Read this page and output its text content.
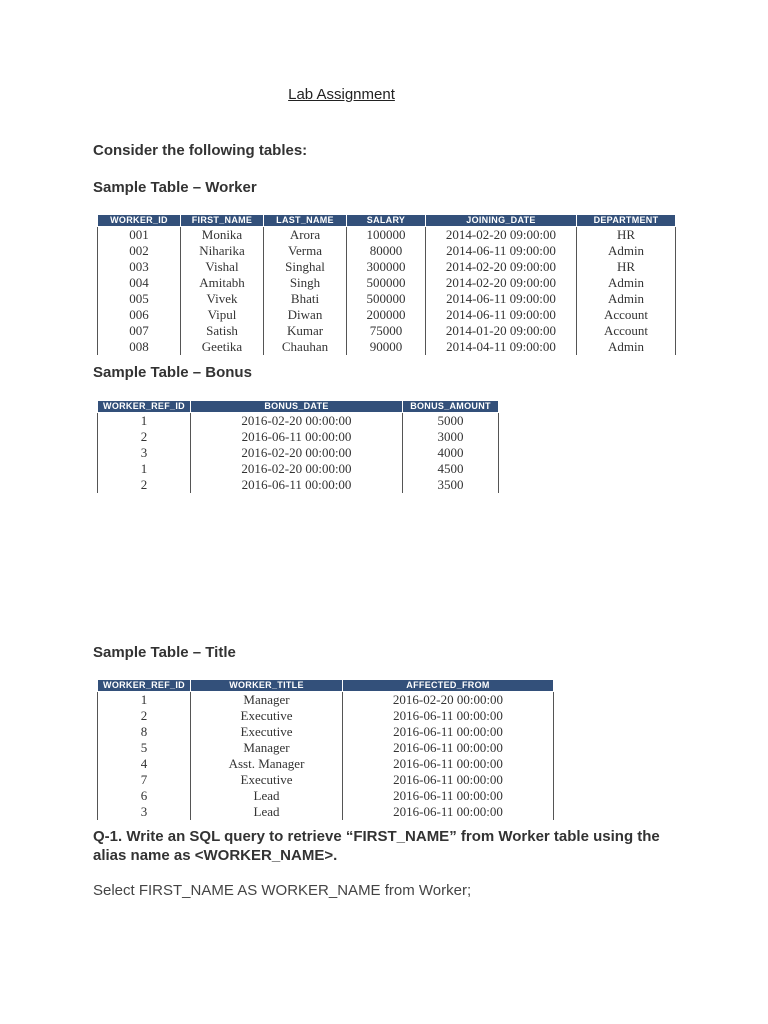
Lab Assignment
Consider the following tables:
Sample Table – Worker
WORKER_ID	FIRST_NAME	LAST_NAME	SALARY	JOINING_DATE	DEPARTMENT
001	Monika	Arora	100000	2014-02-20 09:00:00	HR
002	Niharika	Verma	80000	2014-06-11 09:00:00	Admin
003	Vishal	Singhal	300000	2014-02-20 09:00:00	HR
004	Amitabh	Singh	500000	2014-02-20 09:00:00	Admin
005	Vivek	Bhati	500000	2014-06-11 09:00:00	Admin
006	Vipul	Diwan	200000	2014-06-11 09:00:00	Account
007	Satish	Kumar	75000	2014-01-20 09:00:00	Account
008	Geetika	Chauhan	90000	2014-04-11 09:00:00	Admin
Sample Table – Bonus
WORKER_REF_ID	BONUS_DATE	BONUS_AMOUNT
1	2016-02-20 00:00:00	5000
2	2016-06-11 00:00:00	3000
3	2016-02-20 00:00:00	4000
1	2016-02-20 00:00:00	4500
2	2016-06-11 00:00:00	3500
Sample Table – Title
WORKER_REF_ID	WORKER_TITLE	AFFECTED_FROM
1	Manager	2016-02-20 00:00:00
2	Executive	2016-06-11 00:00:00
8	Executive	2016-06-11 00:00:00
5	Manager	2016-06-11 00:00:00
4	Asst. Manager	2016-06-11 00:00:00
7	Executive	2016-06-11 00:00:00
6	Lead	2016-06-11 00:00:00
3	Lead	2016-06-11 00:00:00
Q-1. Write an SQL query to retrieve “FIRST_NAME” from Worker table using the alias name as <WORKER_NAME>.
Select FIRST_NAME AS WORKER_NAME from Worker;
